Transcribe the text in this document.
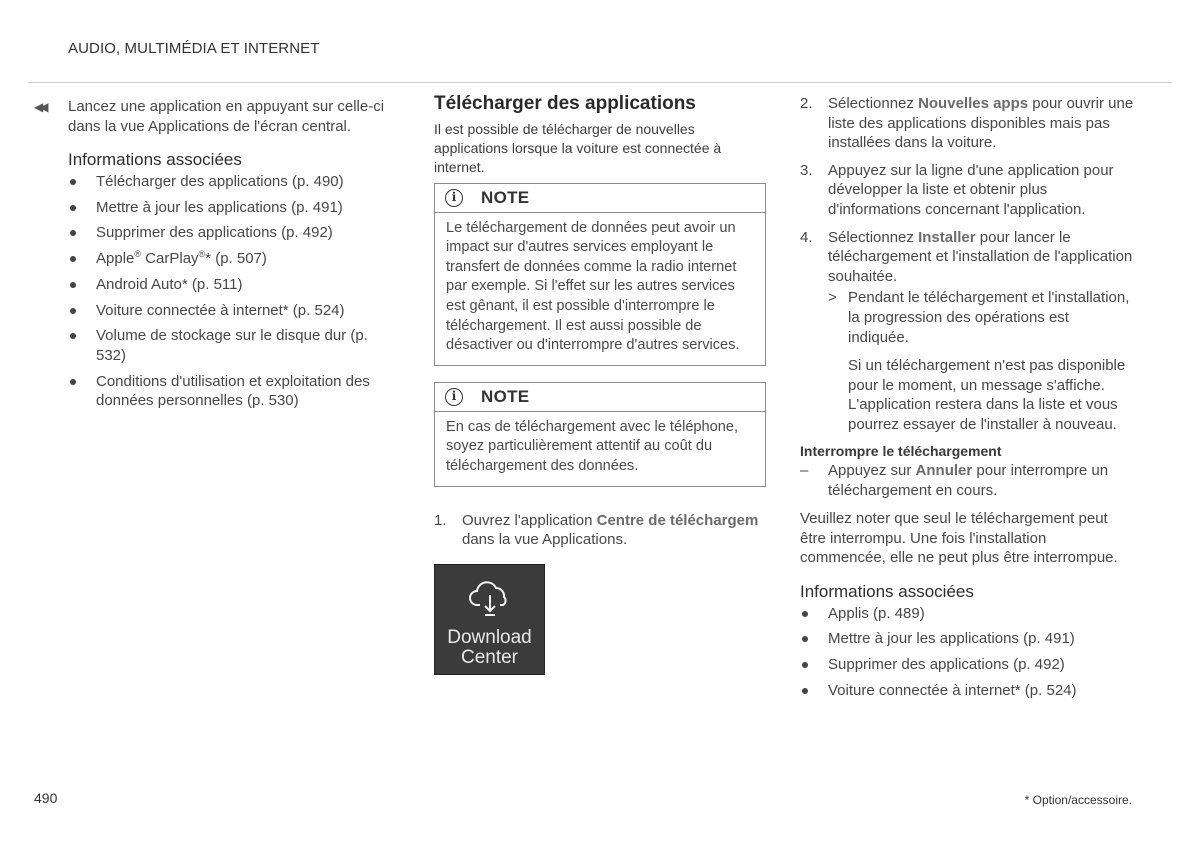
AUDIO, MULTIMÉDIA ET INTERNET
◀◀ Lancez une application en appuyant sur celle-ci dans la vue Applications de l'écran central.
Informations associées
Télécharger des applications (p. 490)
Mettre à jour les applications (p. 491)
Supprimer des applications (p. 492)
Apple® CarPlay®* (p. 507)
Android Auto* (p. 511)
Voiture connectée à internet* (p. 524)
Volume de stockage sur le disque dur (p. 532)
Conditions d'utilisation et exploitation des données personnelles (p. 530)
Télécharger des applications
Il est possible de télécharger de nouvelles applications lorsque la voiture est connectée à internet.
i	NOTE
Le téléchargement de données peut avoir un impact sur d'autres services employant le transfert de données comme la radio internet par exemple. Si l'effet sur les autres services est gênant, il est possible d'interrompre le téléchargement. Il est aussi possible de désactiver ou d'interrompre d'autres services.
i	NOTE
En cas de téléchargement avec le téléphone, soyez particulièrement attentif au coût du téléchargement des données.
1. Ouvrez l'application Centre de téléchargem dans la vue Applications.
Download
Center
2. Sélectionnez Nouvelles apps pour ouvrir une liste des applications disponibles mais pas installées dans la voiture.
3. Appuyez sur la ligne d'une application pour développer la liste et obtenir plus d'informations concernant l'application.
4. Sélectionnez Installer pour lancer le téléchargement et l'installation de l'application souhaitée.
> Pendant le téléchargement et l'installation, la progression des opérations est indiquée.
Si un téléchargement n'est pas disponible pour le moment, un message s'affiche. L'application restera dans la liste et vous pourrez essayer de l'installer à nouveau.
Interrompre le téléchargement
– Appuyez sur Annuler pour interrompre un téléchargement en cours.
Veuillez noter que seul le téléchargement peut être interrompu. Une fois l'installation commencée, elle ne peut plus être interrompue.
Informations associées
Applis (p. 489)
Mettre à jour les applications (p. 491)
Supprimer des applications (p. 492)
Voiture connectée à internet* (p. 524)
490	* Option/accessoire.
